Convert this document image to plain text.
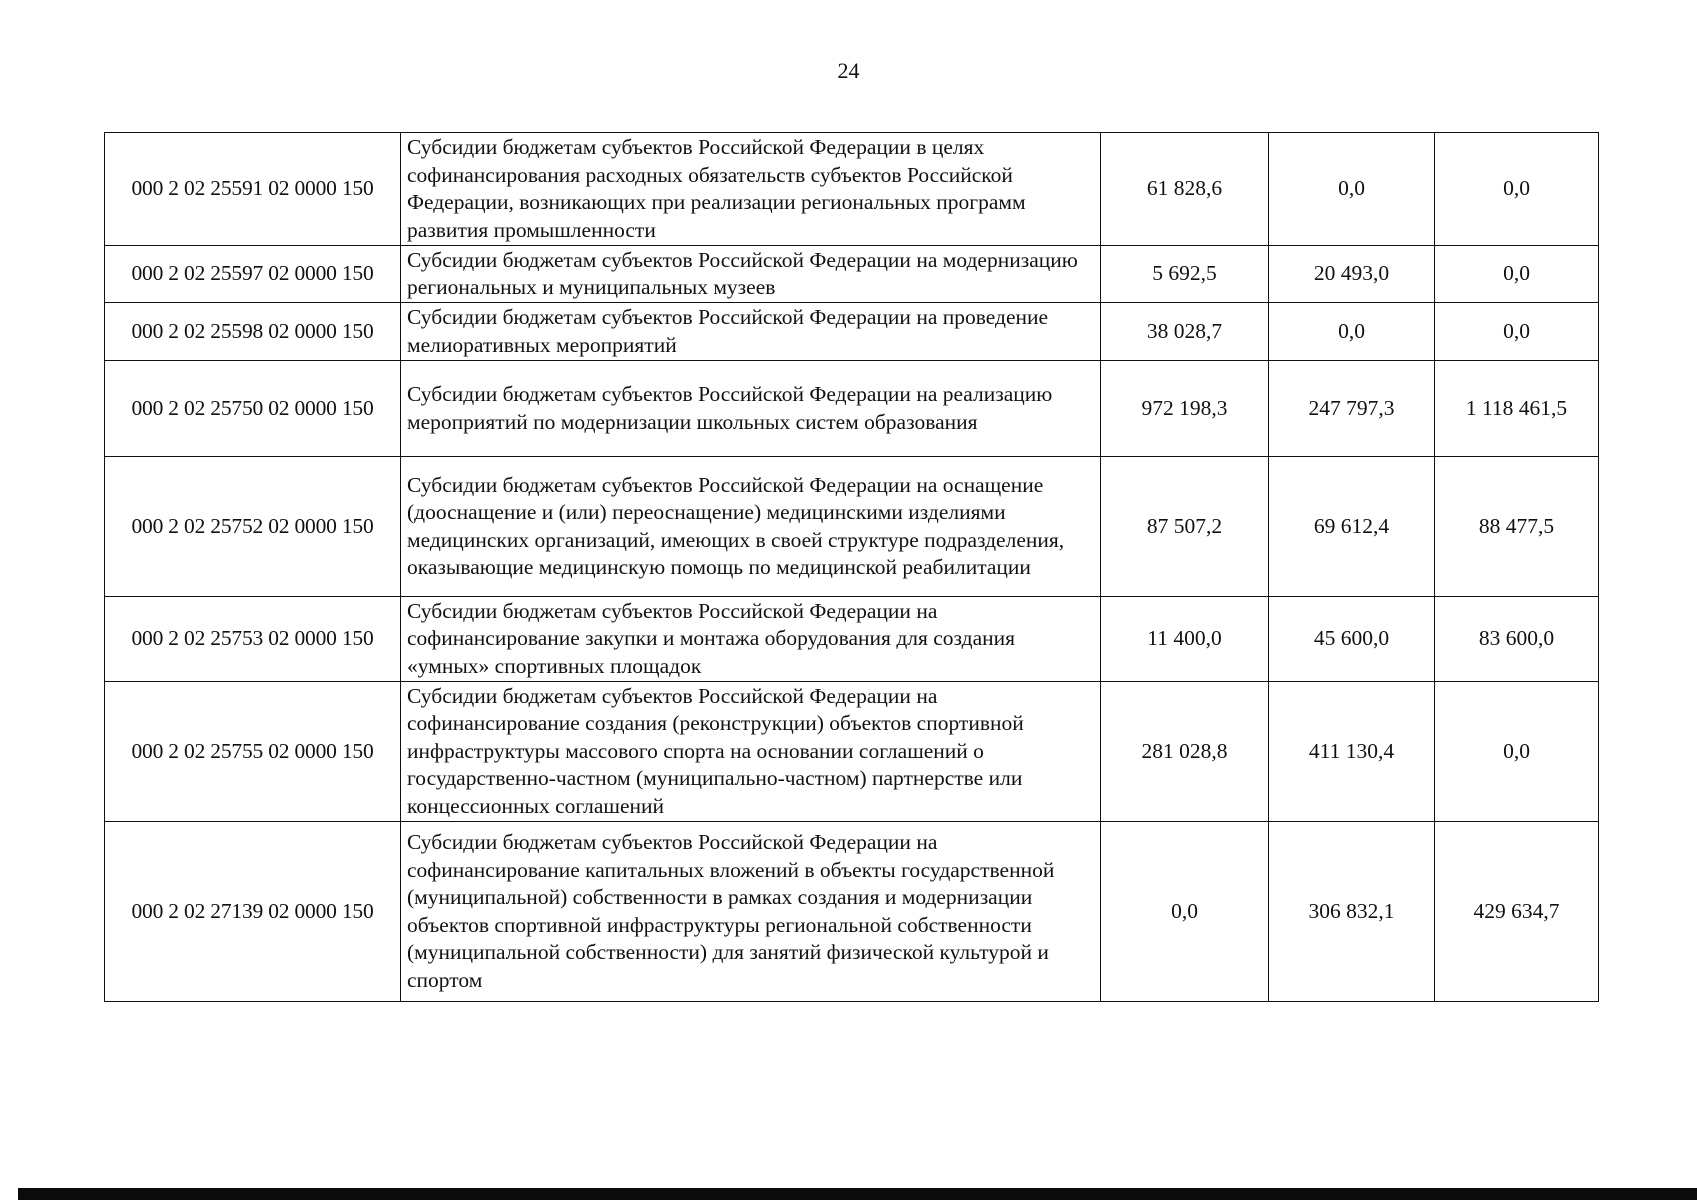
24
000 2 02 25591 02 0000 150	Субсидии бюджетам субъектов Российской Федерации в целях софинансирования расходных обязательств субъектов Российской Федерации, возникающих при реализации региональных программ развития промышленности	61 828,6	0,0	0,0
000 2 02 25597 02 0000 150	Субсидии бюджетам субъектов Российской Федерации на модернизацию региональных и муниципальных музеев	5 692,5	20 493,0	0,0
000 2 02 25598 02 0000 150	Субсидии бюджетам субъектов Российской Федерации на проведение мелиоративных мероприятий	38 028,7	0,0	0,0
000 2 02 25750 02 0000 150	Субсидии бюджетам субъектов Российской Федерации на реализацию мероприятий по модернизации школьных систем образования	972 198,3	247 797,3	1 118 461,5
000 2 02 25752 02 0000 150	Субсидии бюджетам субъектов Российской Федерации на оснащение (дооснащение и (или) переоснащение) медицинскими изделиями медицинских организаций, имеющих в своей структуре подразделения, оказывающие медицинскую помощь по медицинской реабилитации	87 507,2	69 612,4	88 477,5
000 2 02 25753 02 0000 150	Субсидии бюджетам субъектов Российской Федерации на софинансирование закупки и монтажа оборудования для создания «умных» спортивных площадок	11 400,0	45 600,0	83 600,0
000 2 02 25755 02 0000 150	Субсидии бюджетам субъектов Российской Федерации на софинансирование создания (реконструкции) объектов спортивной инфраструктуры массового спорта на основании соглашений о государственно-частном (муниципально-частном) партнерстве или концессионных соглашений	281 028,8	411 130,4	0,0
000 2 02 27139 02 0000 150	Субсидии бюджетам субъектов Российской Федерации на софинансирование капитальных вложений в объекты государственной (муниципальной) собственности в рамках создания и модернизации объектов спортивной инфраструктуры региональной собственности (муниципальной собственности) для занятий физической культурой и спортом	0,0	306 832,1	429 634,7
